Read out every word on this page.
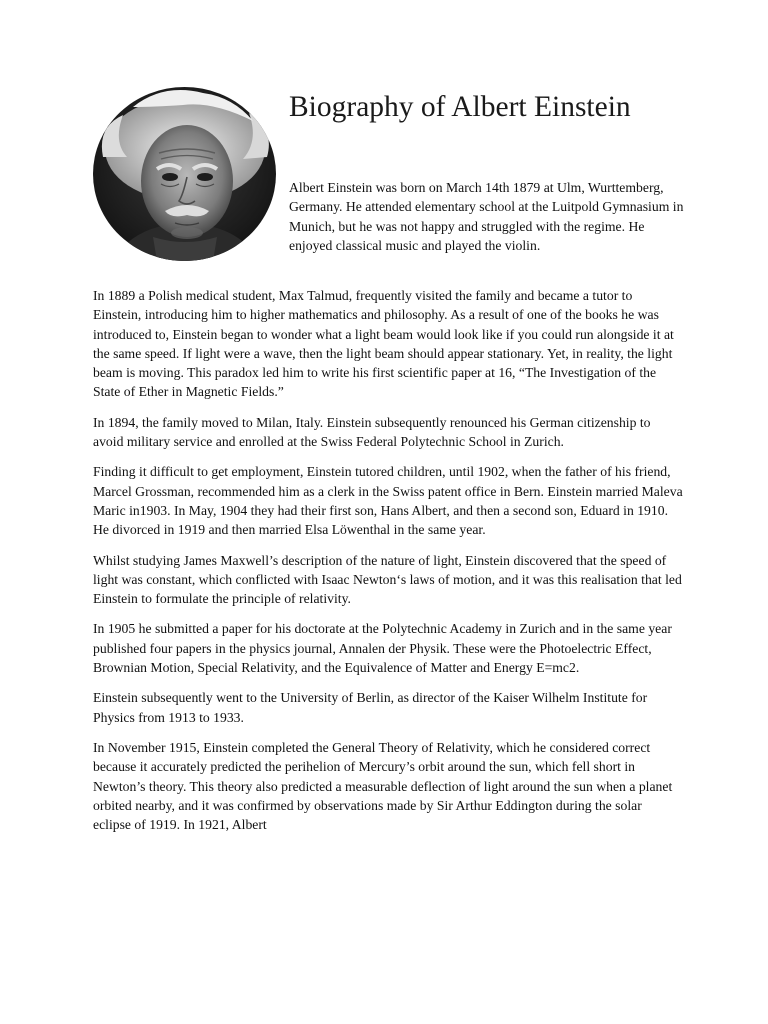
Biography of Albert Einstein

Albert Einstein was born on March 14th 1879 at Ulm, Wurttemberg, Germany. He attended elementary school at the Luitpold Gymnasium in Munich, but he was not happy and struggled with the regime. He enjoyed classical music and played the violin.

In 1889 a Polish medical student, Max Talmud, frequently visited the family and became a tutor to Einstein, introducing him to higher mathematics and philosophy. As a result of one of the books he was introduced to, Einstein began to wonder what a light beam would look like if you could run alongside it at the same speed. If light were a wave, then the light beam should appear stationary. Yet, in reality, the light beam is moving. This paradox led him to write his first scientific paper at 16, “The Investigation of the State of Ether in Magnetic Fields.”

In 1894, the family moved to Milan, Italy. Einstein subsequently renounced his German citizenship to avoid military service and enrolled at the Swiss Federal Polytechnic School in Zurich.

Finding it difficult to get employment, Einstein tutored children, until 1902, when the father of his friend, Marcel Grossman, recommended him as a clerk in the Swiss patent office in Bern. Einstein married Maleva Maric in1903. In May, 1904 they had their first son, Hans Albert, and then a second son, Eduard in 1910. He divorced in 1919 and then married Elsa Löwenthal in the same year.

Whilst studying James Maxwell’s description of the nature of light, Einstein discovered that the speed of light was constant, which conflicted with Isaac Newton‘s laws of motion, and it was this realisation that led Einstein to formulate the principle of relativity.

In 1905 he submitted a paper for his doctorate at the Polytechnic Academy in Zurich and in the same year published four papers in the physics journal, Annalen der Physik. These were the Photoelectric Effect, Brownian Motion, Special Relativity, and the Equivalence of Matter and Energy E=mc2.

Einstein subsequently went to the University of Berlin, as director of the Kaiser Wilhelm Institute for Physics from 1913 to 1933.

In November 1915, Einstein completed the General Theory of Relativity, which he considered correct because it accurately predicted the perihelion of Mercury’s orbit around the sun, which fell short in Newton’s theory. This theory also predicted a measurable deflection of light around the sun when a planet orbited nearby, and it was confirmed by observations made by Sir Arthur Eddington during the solar eclipse of 1919. In 1921, Albert
